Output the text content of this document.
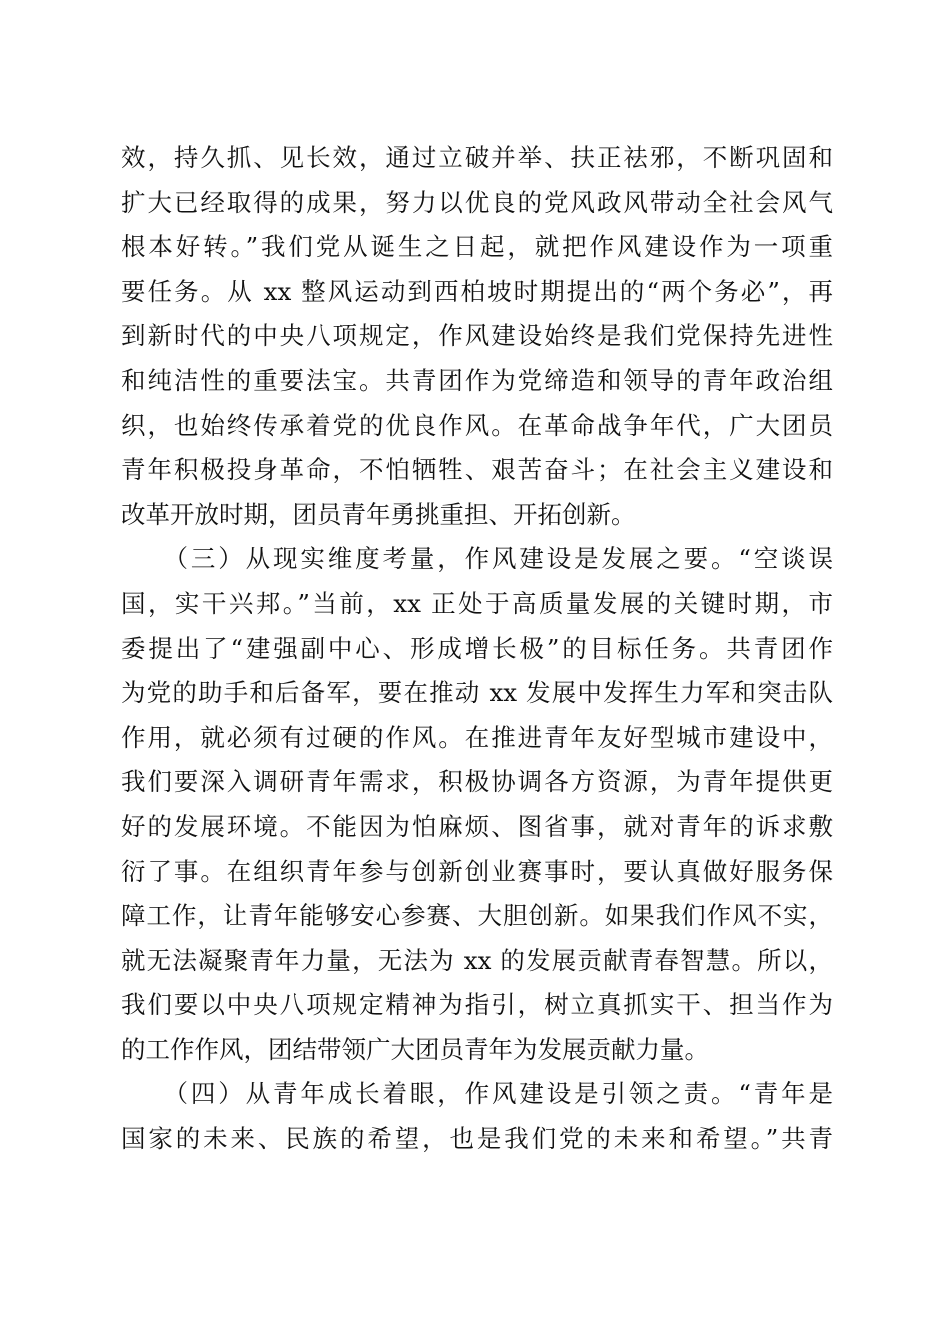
效，持久抓、见长效，通过立破并举、扶正祛邪，不断巩固和
扩大已经取得的成果，努力以优良的党风政风带动全社会风气
根本好转。”我们党从诞生之日起，就把作风建设作为一项重
要任务。从 xx 整风运动到西柏坡时期提出的“两个务必”，再
到新时代的中央八项规定，作风建设始终是我们党保持先进性
和纯洁性的重要法宝。共青团作为党缔造和领导的青年政治组
织，也始终传承着党的优良作风。在革命战争年代，广大团员
青年积极投身革命，不怕牺牲、艰苦奋斗；在社会主义建设和
改革开放时期，团员青年勇挑重担、开拓创新。
　　（三）从现实维度考量，作风建设是发展之要。“空谈误
国，实干兴邦。”当前，xx 正处于高质量发展的关键时期，市
委提出了“建强副中心、形成增长极”的目标任务。共青团作
为党的助手和后备军，要在推动 xx 发展中发挥生力军和突击队
作用，就必须有过硬的作风。在推进青年友好型城市建设中，
我们要深入调研青年需求，积极协调各方资源，为青年提供更
好的发展环境。不能因为怕麻烦、图省事，就对青年的诉求敷
衍了事。在组织青年参与创新创业赛事时，要认真做好服务保
障工作，让青年能够安心参赛、大胆创新。如果我们作风不实，
就无法凝聚青年力量，无法为 xx 的发展贡献青春智慧。所以，
我们要以中央八项规定精神为指引，树立真抓实干、担当作为
的工作作风，团结带领广大团员青年为发展贡献力量。
　　（四）从青年成长着眼，作风建设是引领之责。“青年是
国家的未来、民族的希望，也是我们党的未来和希望。”共青
